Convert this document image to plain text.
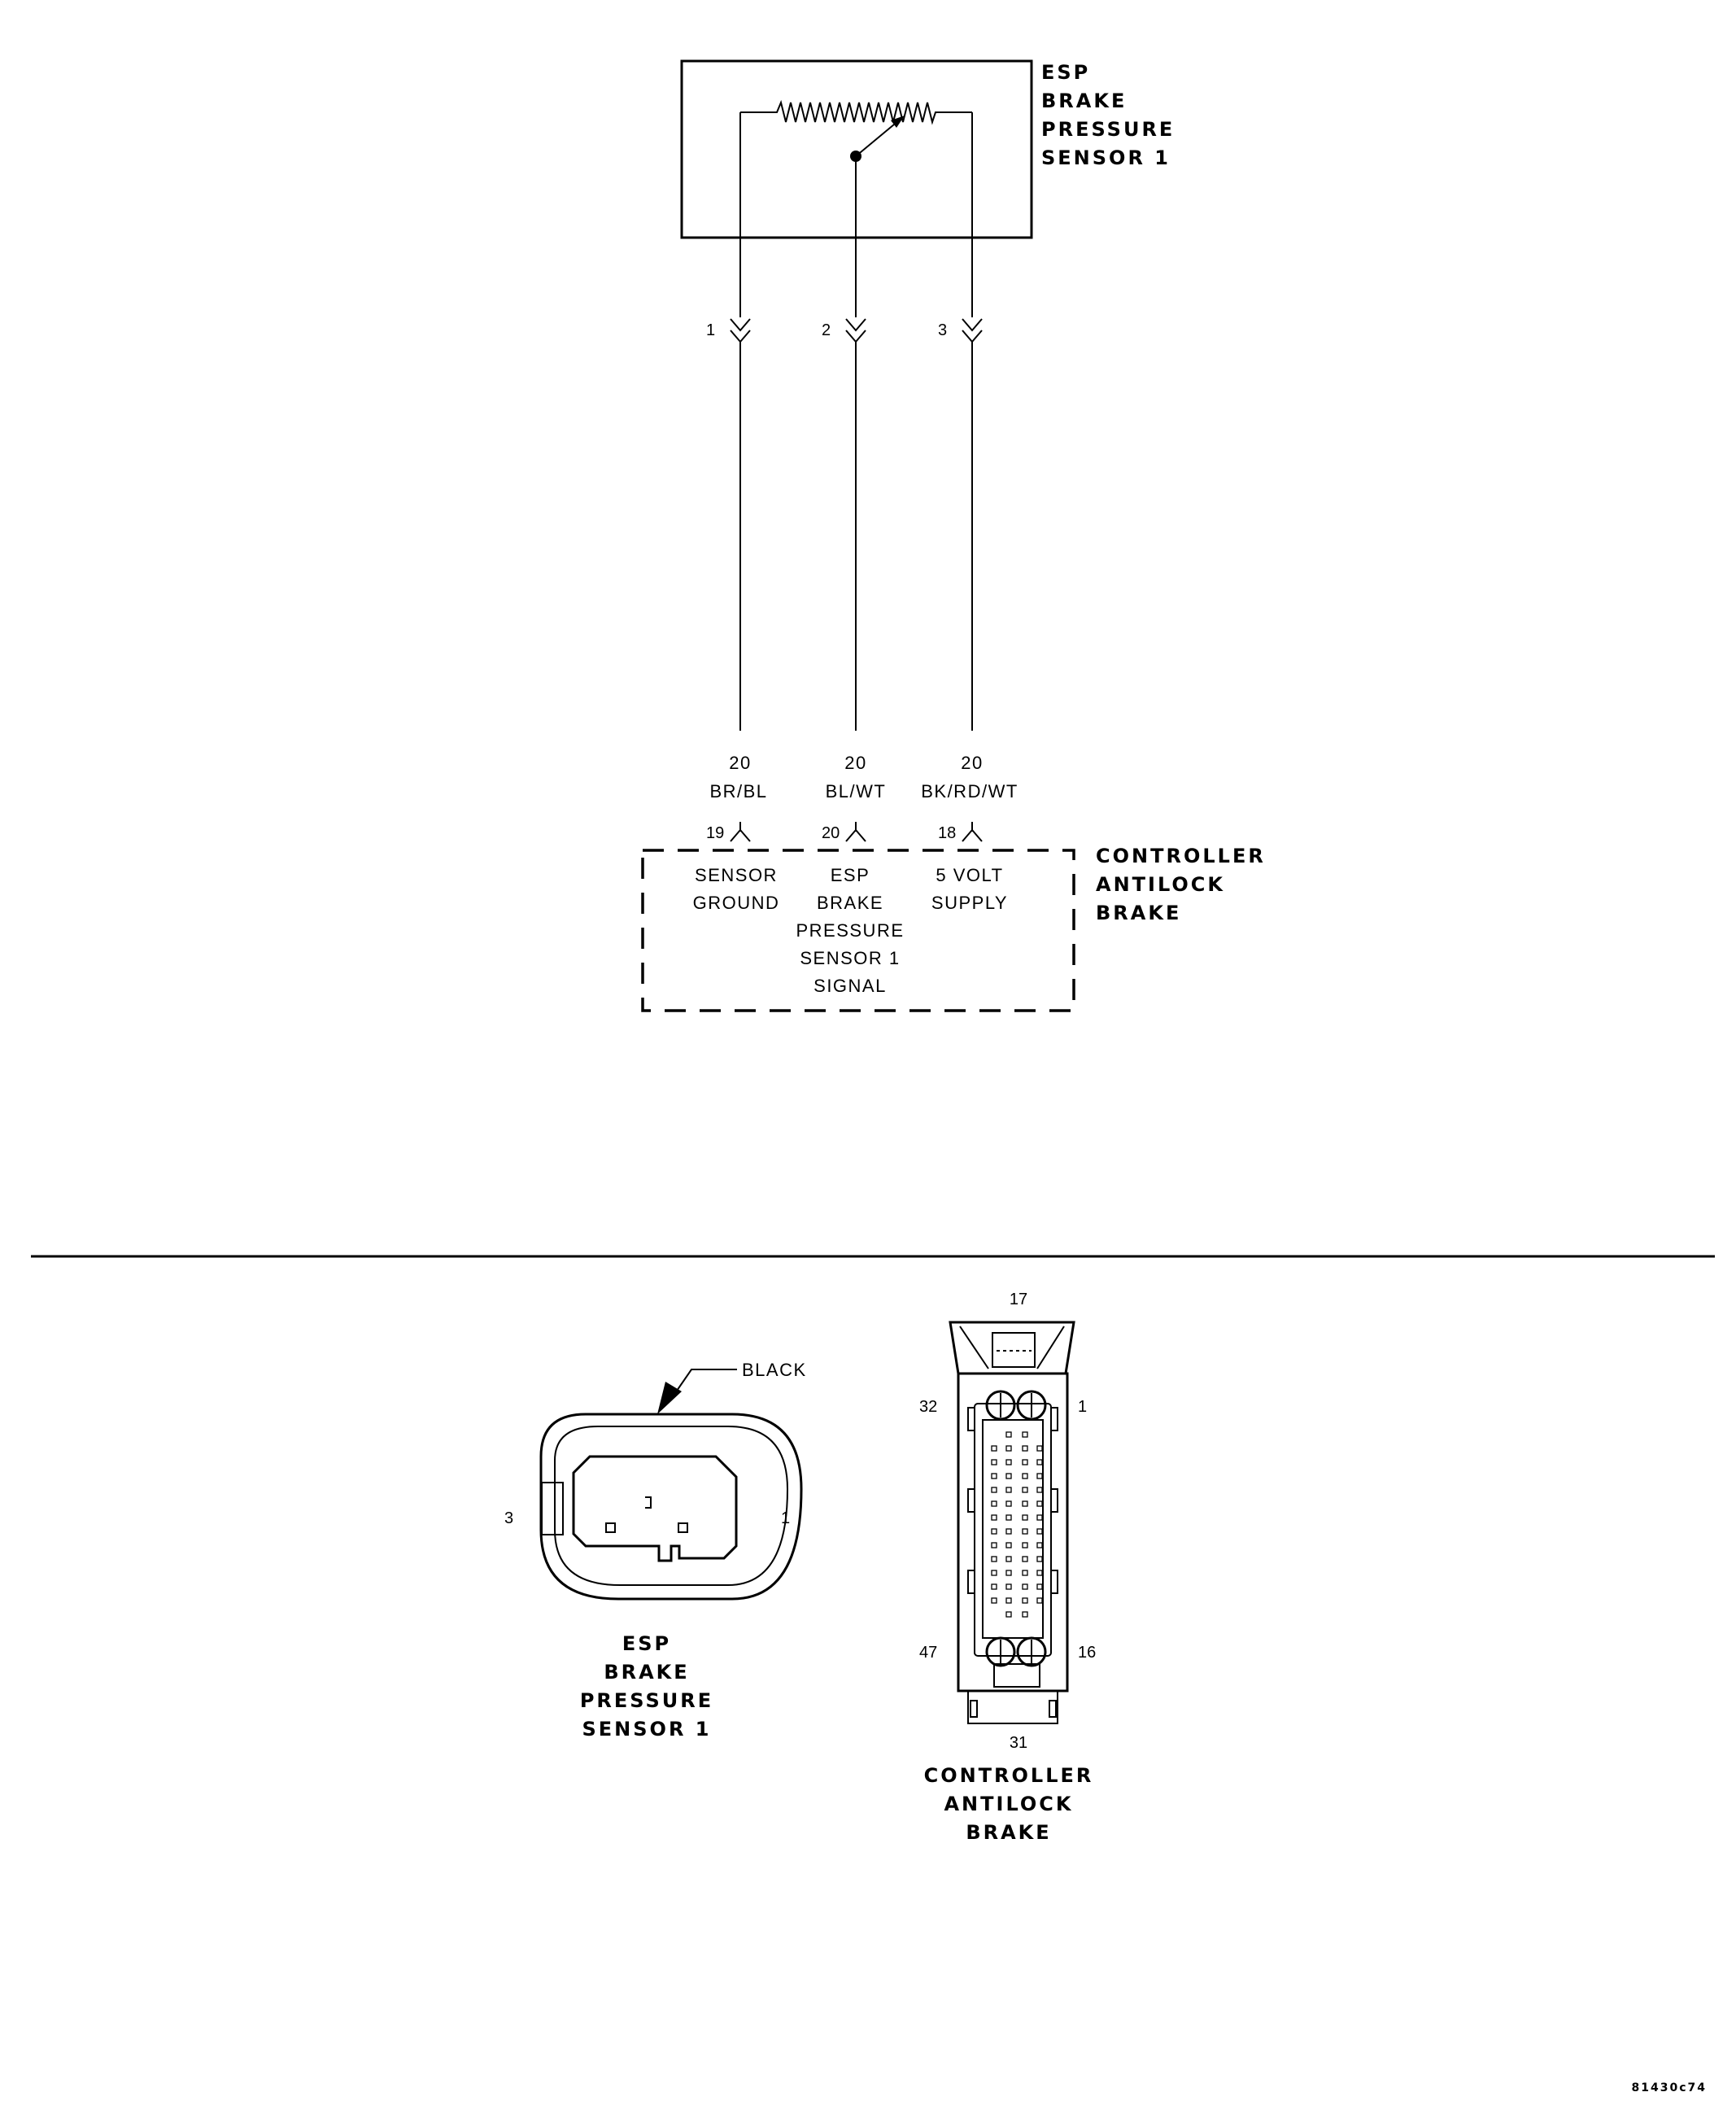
ESP
BRAKE
PRESSURE
SENSOR 1
1	2	3
20
BR/BL
20
BL/WT
20
BK/RD/WT
19	20	18
SENSOR
GROUND
ESP
BRAKE
PRESSURE
SENSOR 1
SIGNAL
5 VOLT
SUPPLY
CONTROLLER
ANTILOCK
BRAKE
BLACK
3	1
ESP
BRAKE
PRESSURE
SENSOR 1
17
32	1
47	16
31
CONTROLLER
ANTILOCK
BRAKE
81430c74
